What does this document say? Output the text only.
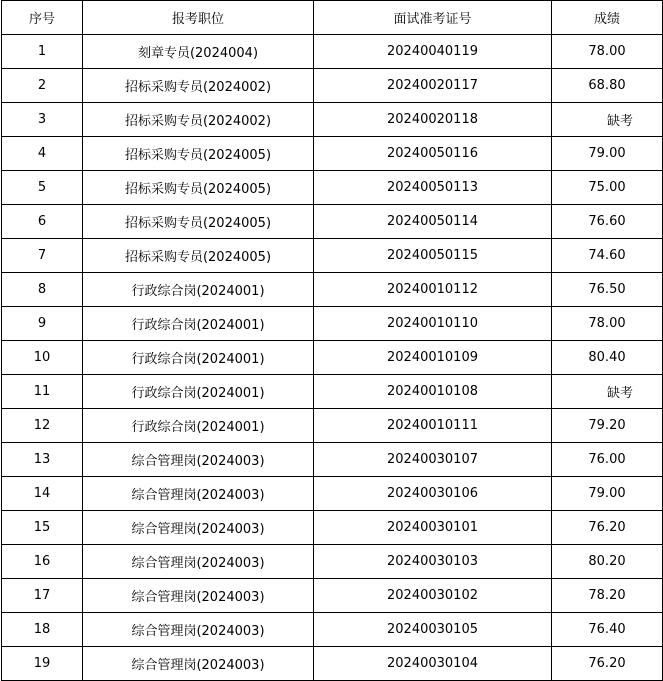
序号	报考职位	面试准考证号	成绩
1	刻章专员(2024004)	20240040119	78.00
2	招标采购专员(2024002)	20240020117	68.80
3	招标采购专员(2024002)	20240020118	缺考
4	招标采购专员(2024005)	20240050116	79.00
5	招标采购专员(2024005)	20240050113	75.00
6	招标采购专员(2024005)	20240050114	76.60
7	招标采购专员(2024005)	20240050115	74.60
8	行政综合岗(2024001)	20240010112	76.50
9	行政综合岗(2024001)	20240010110	78.00
10	行政综合岗(2024001)	20240010109	80.40
11	行政综合岗(2024001)	20240010108	缺考
12	行政综合岗(2024001)	20240010111	79.20
13	综合管理岗(2024003)	20240030107	76.00
14	综合管理岗(2024003)	20240030106	79.00
15	综合管理岗(2024003)	20240030101	76.20
16	综合管理岗(2024003)	20240030103	80.20
17	综合管理岗(2024003)	20240030102	78.20
18	综合管理岗(2024003)	20240030105	76.40
19	综合管理岗(2024003)	20240030104	76.20
